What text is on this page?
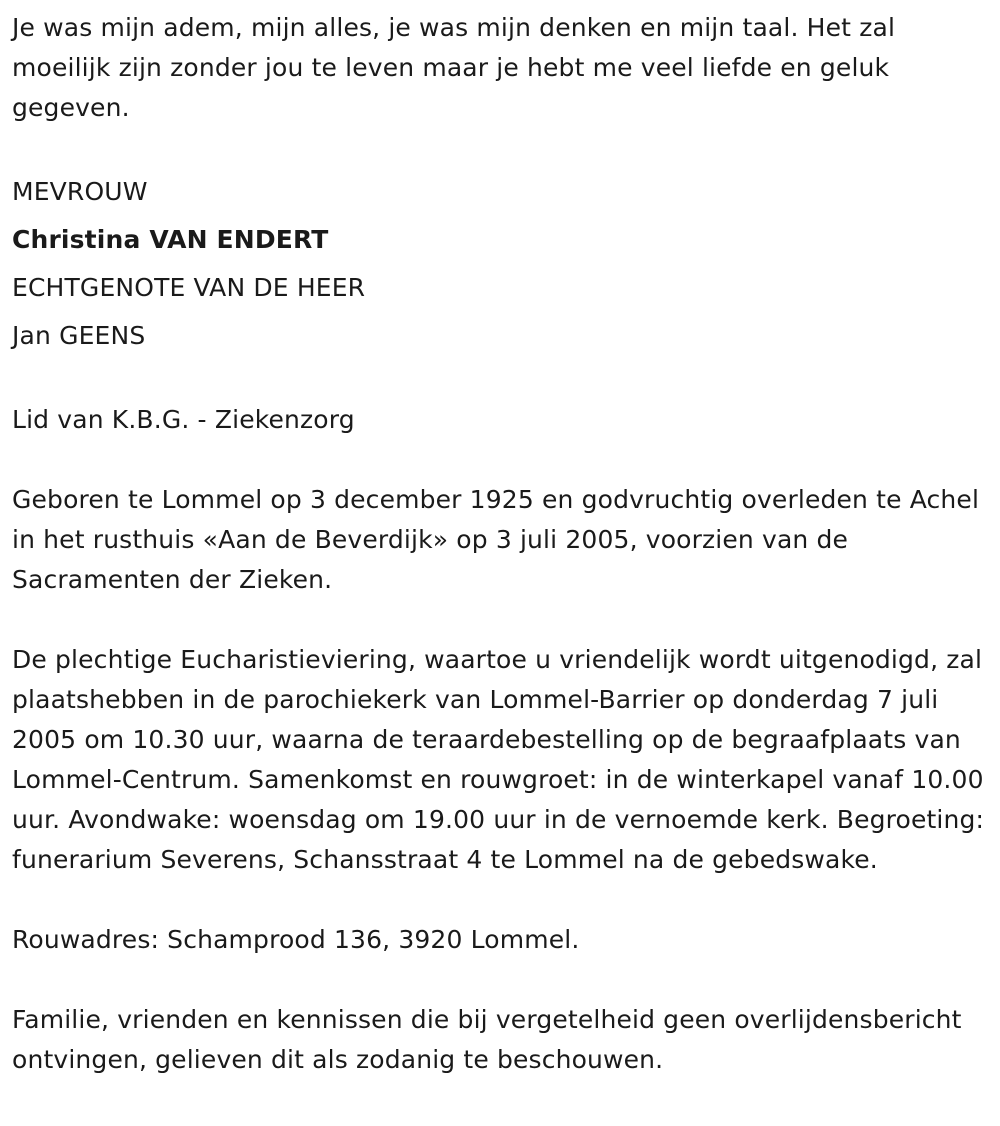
Je was mijn adem, mijn alles, je was mijn denken en mijn taal. Het zal moeilijk zijn zonder jou te leven maar je hebt me veel liefde en geluk gegeven.

MEVROUW

Christina VAN ENDERT

ECHTGENOTE VAN DE HEER

Jan GEENS

Lid van K.B.G. - Ziekenzorg

Geboren te Lommel op 3 december 1925 en godvruchtig overleden te Achel in het rusthuis «Aan de Beverdijk» op 3 juli 2005, voorzien van de Sacramenten der Zieken.

De plechtige Eucharistieviering, waartoe u vriendelijk wordt uitgenodigd, zal plaatshebben in de parochiekerk van Lommel-Barrier op donderdag 7 juli 2005 om 10.30 uur, waarna de teraardebestelling op de begraafplaats van Lommel-Centrum. Samenkomst en rouwgroet: in de winterkapel vanaf 10.00 uur. Avondwake: woensdag om 19.00 uur in de vernoemde kerk. Begroeting: funerarium Severens, Schansstraat 4 te Lommel na de gebedswake.

Rouwadres: Schamprood 136, 3920 Lommel.

Familie, vrienden en kennissen die bij vergetelheid geen overlijdensbericht ontvingen, gelieven dit als zodanig te beschouwen.
